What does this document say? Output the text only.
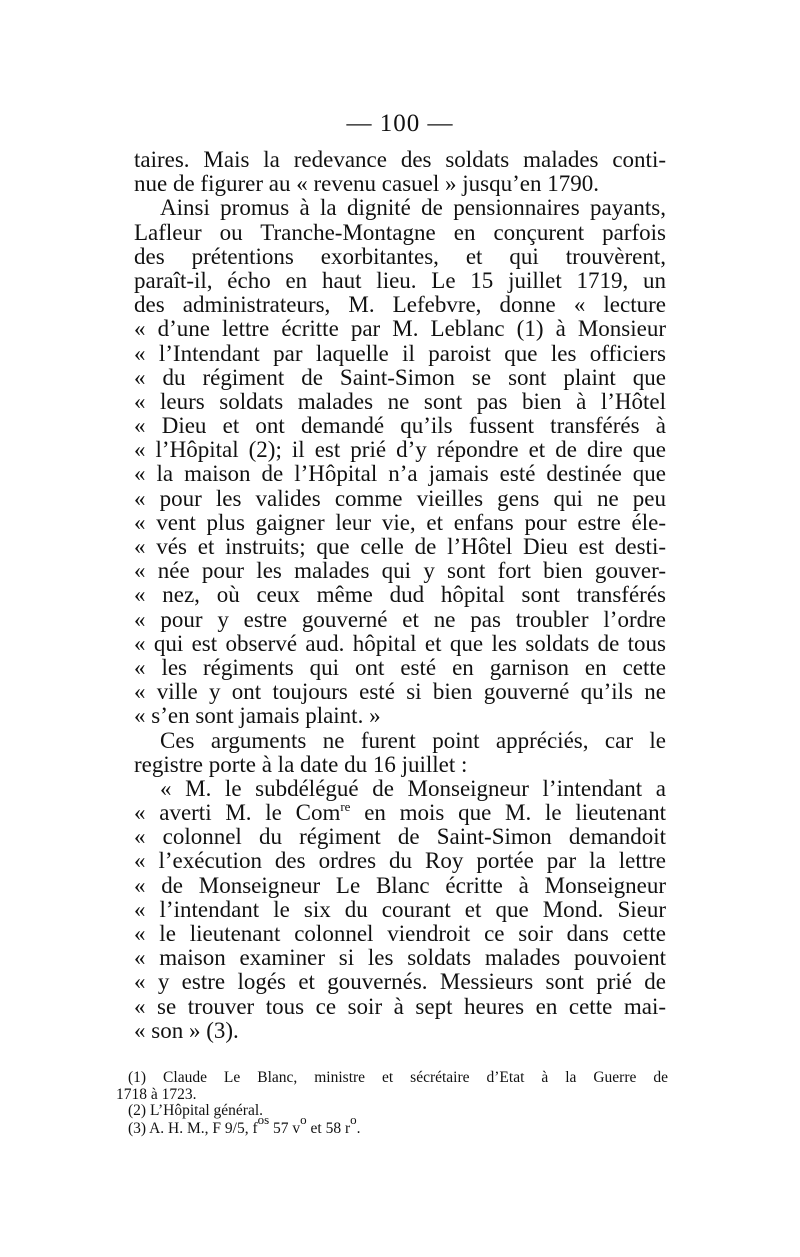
— 100 —
taires. Mais la redevance des soldats malades conti-
nue de figurer au « revenu casuel » jusqu’en 1790.
Ainsi promus à la dignité de pensionnaires payants,
Lafleur ou Tranche-Montagne en conçurent parfois
des prétentions exorbitantes, et qui trouvèrent,
paraît-il, écho en haut lieu. Le 15 juillet 1719, un
des administrateurs, M. Lefebvre, donne « lecture
« d’une lettre écritte par M. Leblanc (1) à Monsieur
« l’Intendant par laquelle il paroist que les officiers
« du régiment de Saint-Simon se sont plaint que
« leurs soldats malades ne sont pas bien à l’Hôtel
« Dieu et ont demandé qu’ils fussent transférés à
« l’Hôpital (2); il est prié d’y répondre et de dire que
« la maison de l’Hôpital n’a jamais esté destinée que
« pour les valides comme vieilles gens qui ne peu
« vent plus gaigner leur vie, et enfans pour estre éle-
« vés et instruits; que celle de l’Hôtel Dieu est desti-
« née pour les malades qui y sont fort bien gouver-
« nez, où ceux même dud hôpital sont transférés
« pour y estre gouverné et ne pas troubler l’ordre
« qui est observé aud. hôpital et que les soldats de tous
« les régiments qui ont esté en garnison en cette
« ville y ont toujours esté si bien gouverné qu’ils ne
« s’en sont jamais plaint. »
Ces arguments ne furent point appréciés, car le
registre porte à la date du 16 juillet :
« M. le subdélégué de Monseigneur l’intendant a
« averti M. le Com$^{re}$ en mois que M. le lieutenant
« colonnel du régiment de Saint-Simon demandoit
« l’exécution des ordres du Roy portée par la lettre
« de Monseigneur Le Blanc écritte à Monseigneur
« l’intendant le six du courant et que Mond. Sieur
« le lieutenant colonnel viendroit ce soir dans cette
« maison examiner si les soldats malades pouvoient
« y estre logés et gouvernés. Messieurs sont prié de
« se trouver tous ce soir à sept heures en cette mai-
« son » (3).
(1) Claude Le Blanc, ministre et sécrétaire d’Etat à la Guerre de
1718 à 1723.
(2) L’Hôpital général.
(3) A. H. M., F 9/5, $f^{os}$ 57 $v^o$ et 58 $r^o$.
